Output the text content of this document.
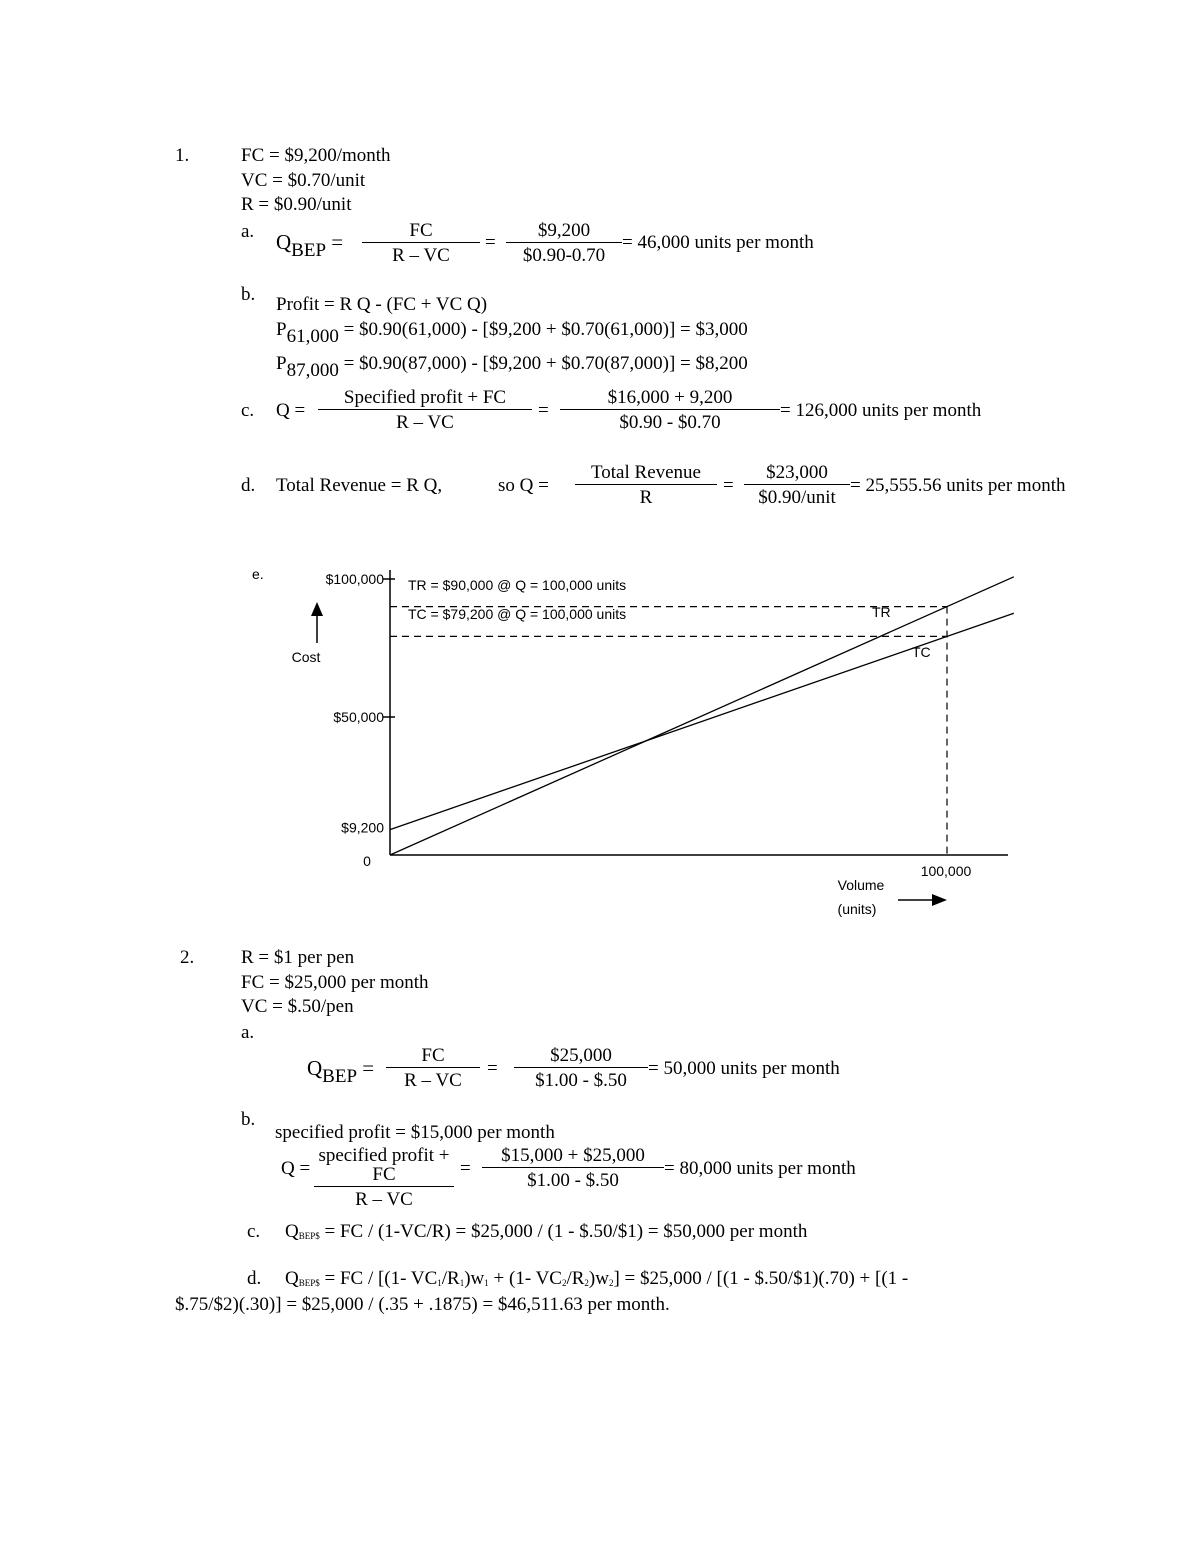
1.	FC = $9,200/month
VC = $0.70/unit
R = $0.90/unit
a. $Q_{BEP} = \frac{FC}{R - VC} = \frac{\$9,200}{\$0.90-0.70} = 46,000$ units per month
b. Profit = R Q - (FC + VC Q)
$P_{61,000}$ = $0.90(61,000) - [$9,200 + $0.70(61,000)] = $3,000
$P_{87,000}$ = $0.90(87,000) - [$9,200 + $0.70(87,000)] = $8,200
c. Q =
Specified profit + FC
R – VC
= $\frac{\$16,000 + 9,200}{\$0.90 - \$0.70} = 126,000$ units per month
d. Total Revenue = R Q,	so Q =
Total Revenue
R
=
$23,000
$0.90/unit
= 25,555.56 units per month
e.	$100,000
$50,000
$9,200
0
100,000
TR = $90,000 @ Q = 100,000 units
TC = $79,200 @ Q = 100,000 units	TR
TC
Cost
Volume
(units)
2. R = $1 per pen
FC = $25,000 per month
VC = $.50/pen
a.
$Q_{BEP} = \frac{FC}{R - VC} = \frac{\$25,000}{\$1.00 - \$.50} = 50,000$ units per month
b.
specified profit = $15,000 per month
Q =
specified profit + FC
R – VC
= $\frac{\$15,000 + \$25,000}{\$1.00 - \$.50} = 80,000$ units per month
c. $Q_{BEP\$}$ = FC / (1-VC/R) = $25,000 / (1 - $.50/$1) = $50,000 per month
d. $Q_{BEP\$}$ = FC / [(1- $VC_1/R_1)w_1 + (1-$ $VC_2/R_2)w_2$] = $25,000 / [(1 - $.50/$1)(.70) + [(1 -
$.75/$2)(.30)] = $25,000 / (.35 + .1875) = $46,511.63 per month.
